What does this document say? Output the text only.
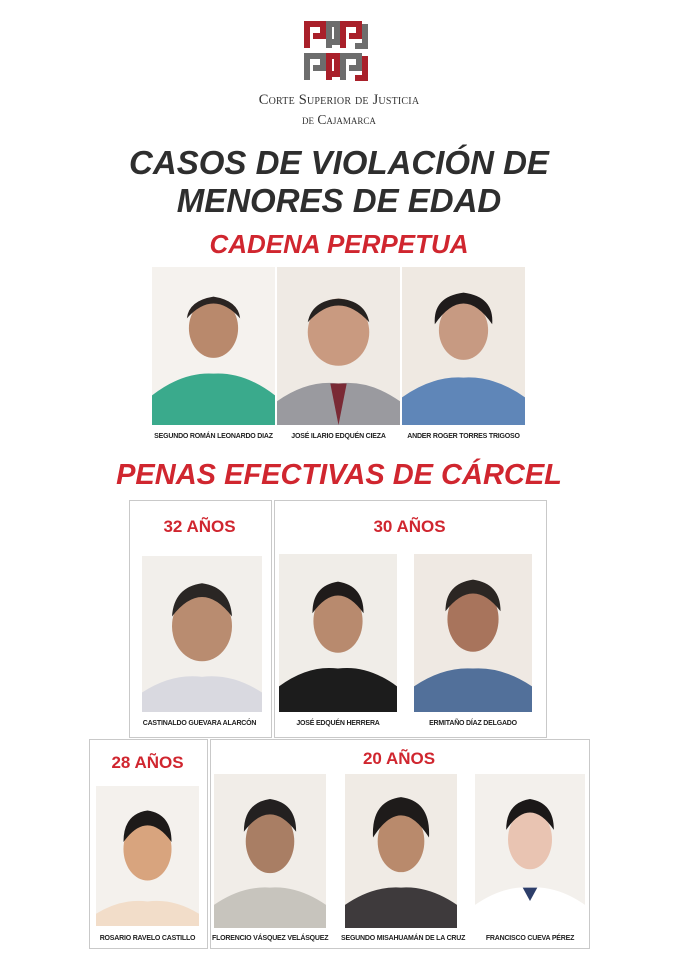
Corte Superior de Justicia
de Cajamarca
CASOS DE VIOLACIÓN DE
MENORES DE EDAD
CADENA PERPETUA
SEGUNDO ROMÁN LEONARDO DIAZ	JOSÉ ILARIO EDQUÉN CIEZA	ANDER ROGER TORRES TRIGOSO
PENAS EFECTIVAS DE CÁRCEL
32 AÑOS
CASTINALDO GUEVARA ALARCÓN
30 AÑOS
JOSÉ EDQUÉN HERRERA	ERMITAÑO DÍAZ DELGADO
28 AÑOS
ROSARIO RAVELO CASTILLO
20 AÑOS
FLORENCIO VÁSQUEZ VELÁSQUEZ SEGUNDO MISAHUAMÁN DE LA CRUZ	FRANCISCO CUEVA PÉREZ
